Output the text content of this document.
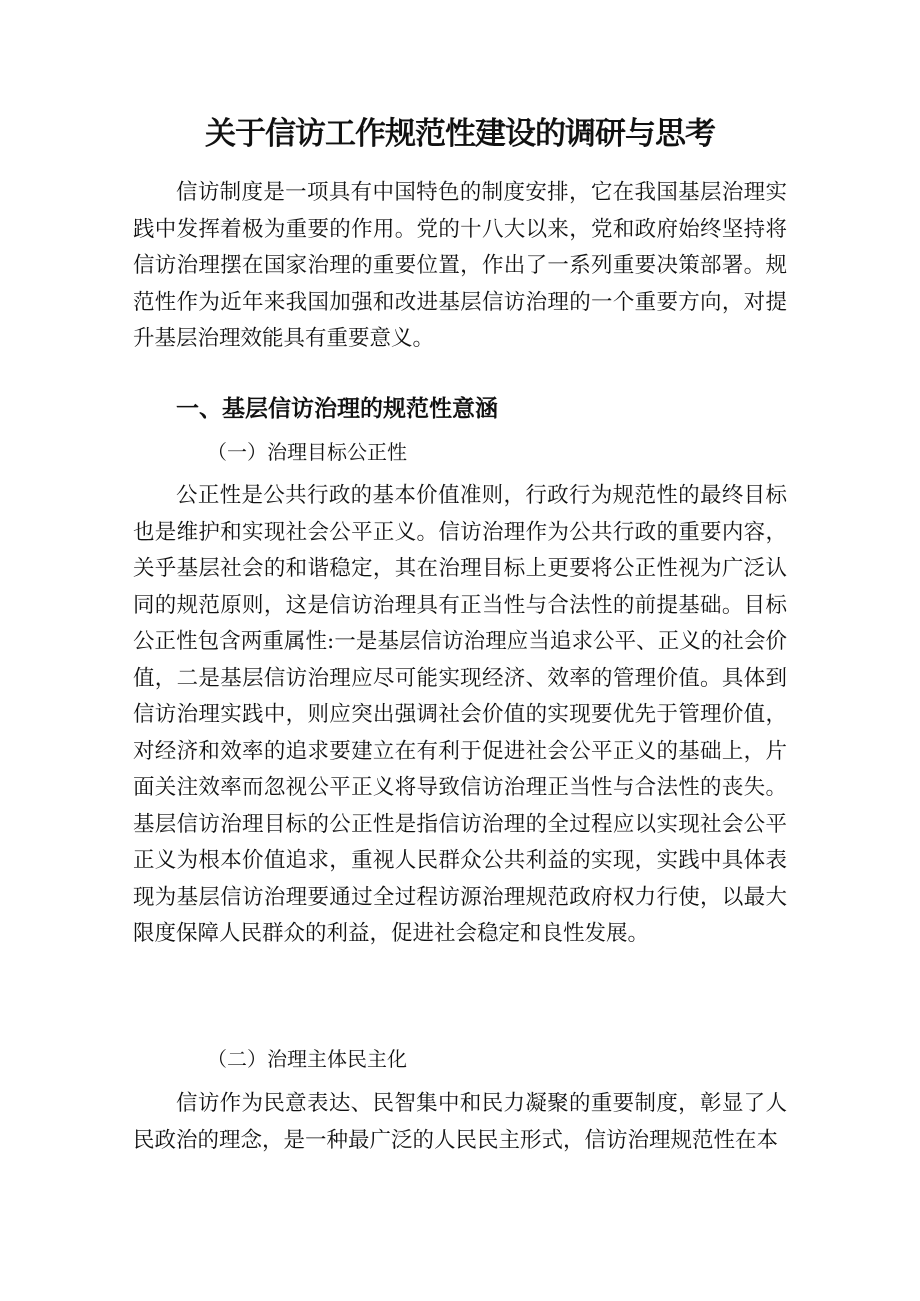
关于信访工作规范性建设的调研与思考

信访制度是一项具有中国特色的制度安排，它在我国基层治理实践中发挥着极为重要的作用。党的十八大以来，党和政府始终坚持将信访治理摆在国家治理的重要位置，作出了一系列重要决策部署。规范性作为近年来我国加强和改进基层信访治理的一个重要方向，对提升基层治理效能具有重要意义。

一、基层信访治理的规范性意涵
（一）治理目标公正性

公正性是公共行政的基本价值准则，行政行为规范性的最终目标也是维护和实现社会公平正义。信访治理作为公共行政的重要内容，关乎基层社会的和谐稳定，其在治理目标上更要将公正性视为广泛认同的规范原则，这是信访治理具有正当性与合法性的前提基础。目标公正性包含两重属性:一是基层信访治理应当追求公平、正义的社会价值，二是基层信访治理应尽可能实现经济、效率的管理价值。具体到信访治理实践中，则应突出强调社会价值的实现要优先于管理价值，对经济和效率的追求要建立在有利于促进社会公平正义的基础上，片面关注效率而忽视公平正义将导致信访治理正当性与合法性的丧失。基层信访治理目标的公正性是指信访治理的全过程应以实现社会公平正义为根本价值追求，重视人民群众公共利益的实现，实践中具体表现为基层信访治理要通过全过程访源治理规范政府权力行使，以最大限度保障人民群众的利益，促进社会稳定和良性发展。

（二）治理主体民主化

信访作为民意表达、民智集中和民力凝聚的重要制度，彰显了人民政治的理念，是一种最广泛的人民民主形式，信访治理规范性在本
